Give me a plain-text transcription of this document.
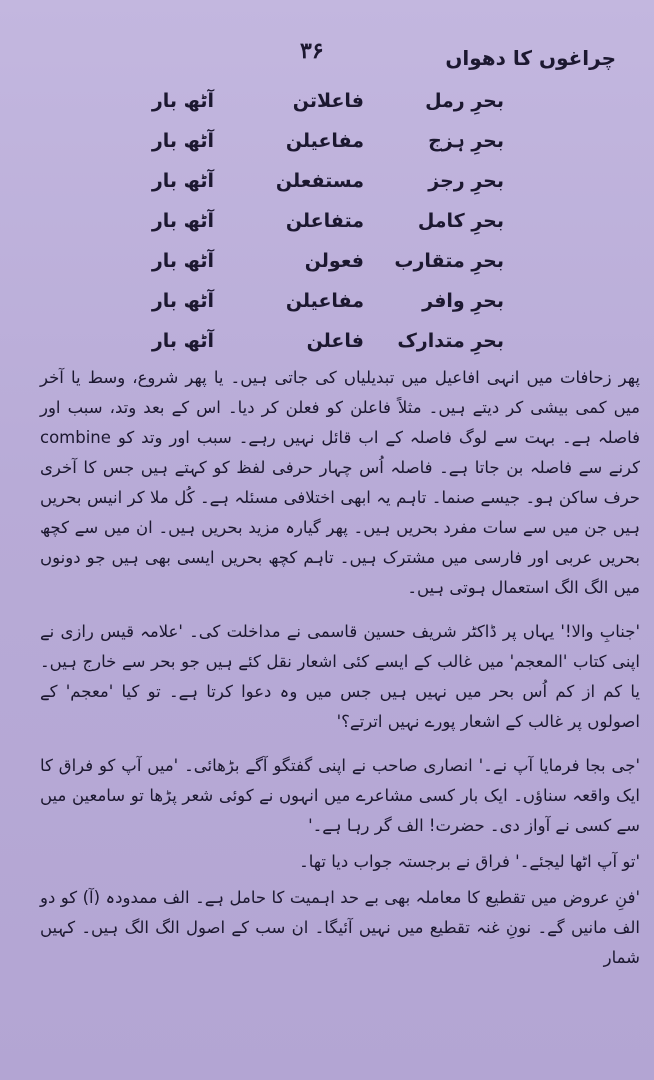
۳۶	چراغوں کا دھواں
بحرِ رمل
فاعلاتن
آٹھ بار
بحرِ ہزج
مفاعیلن
آٹھ بار
بحرِ رجز
مستفعلن
آٹھ بار
بحرِ کامل
متفاعلن
آٹھ بار
بحرِ متقارب
فعولن
آٹھ بار
بحرِ وافر
مفاعیلن
آٹھ بار
بحرِ متدارک
فاعلن
آٹھ بار

پھر زحافات میں انہی افاعیل میں تبدیلیاں کی جاتی ہیں۔ یا پھر شروع، وسط یا آخر میں کمی بیشی کر دیتے ہیں۔ مثلاً فاعلن کو فعلن کر دیا۔ اس کے بعد وتد، سبب اور فاصلہ ہے۔ بہت سے لوگ فاصلہ کے اب قائل نہیں رہے۔ سبب اور وتد کو combine کرنے سے فاصلہ بن جاتا ہے۔ فاصلہ اُس چہار حرفی لفظ کو کہتے ہیں جس کا آخری حرف ساکن ہو۔ جیسے صنما۔ تاہم یہ ابھی اختلافی مسئلہ ہے۔ کُل ملا کر انیس بحریں ہیں جن میں سے سات مفرد بحریں ہیں۔ پھر گیارہ مزید بحریں ہیں۔ ان میں سے کچھ بحریں عربی اور فارسی میں مشترک ہیں۔ تاہم کچھ بحریں ایسی بھی ہیں جو دونوں میں الگ الگ استعمال ہوتی ہیں۔

'جنابِ والا!' یہاں پر ڈاکٹر شریف حسین قاسمی نے مداخلت کی۔ 'علامہ قیس رازی نے اپنی کتاب 'المعجم' میں غالب کے ایسے کئی اشعار نقل کئے ہیں جو بحر سے خارج ہیں۔ یا کم از کم اُس بحر میں نہیں ہیں جس میں وہ دعوا کرتا ہے۔ تو کیا 'معجم' کے اصولوں پر غالب کے اشعار پورے نہیں اترتے؟'

'جی بجا فرمایا آپ نے۔' انصاری صاحب نے اپنی گفتگو آگے بڑھائی۔ 'میں آپ کو فراق کا ایک واقعہ سناؤں۔ ایک بار کسی مشاعرے میں انہوں نے کوئی شعر پڑھا تو سامعین میں سے کسی نے آواز دی۔ حضرت! الف گر رہا ہے۔'

'تو آپ اٹھا لیجئے۔' فراق نے برجستہ جواب دیا تھا۔

'فنِ عروض میں تقطیع کا معاملہ بھی بے حد اہمیت کا حامل ہے۔ الف ممدودہ (آ) کو دو الف مانیں گے۔ نونِ غنہ تقطیع میں نہیں آئیگا۔ ان سب کے اصول الگ الگ ہیں۔ کہیں شمار
